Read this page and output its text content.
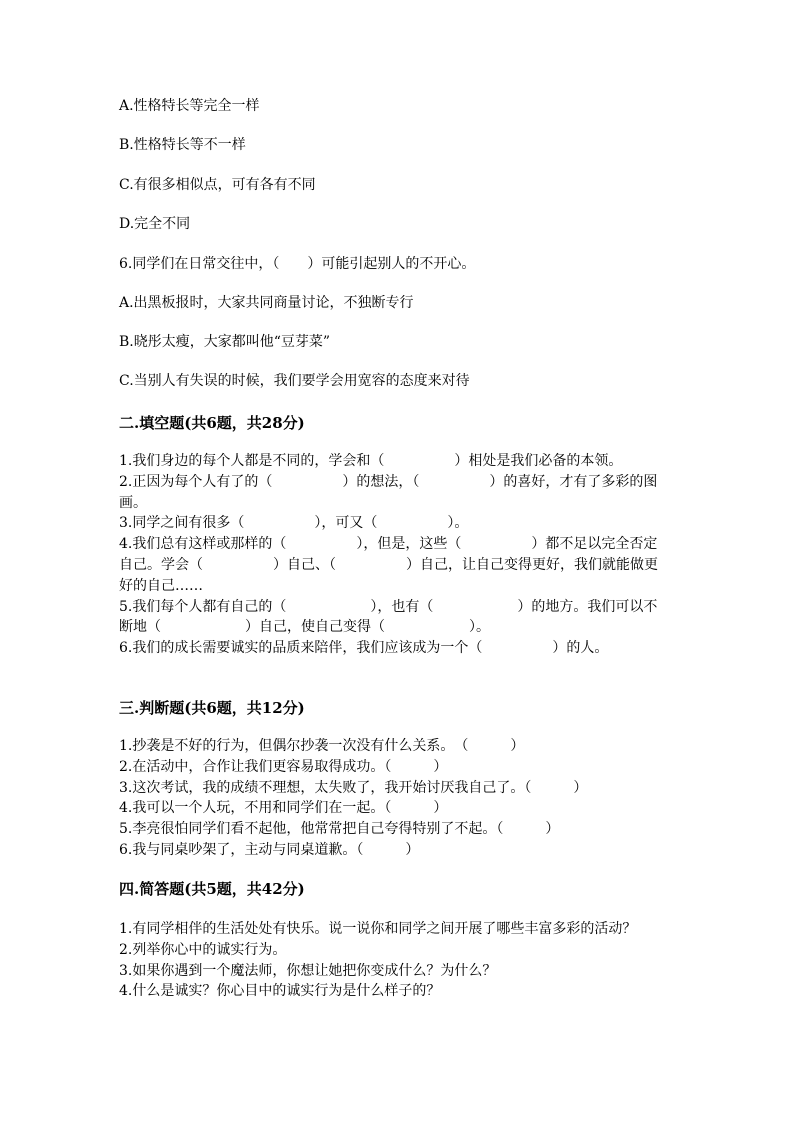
A.性格特长等完全一样
B.性格特长等不一样
C.有很多相似点，可有各有不同
D.完全不同
6.同学们在日常交往中，（　　）可能引起别人的不开心。
A.出黑板报时，大家共同商量讨论，不独断专行
B.晓彤太瘦，大家都叫他“豆芽菜”
C.当别人有失误的时候，我们要学会用宽容的态度来对待
二.填空题(共6题，共28分)

1.我们身边的每个人都是不同的，学会和（　　　　　）相处是我们必备的本领。

2.正因为每个人有了的（　　　　　）的想法，（　　　　　）的喜好，才有了多彩的图画。

3.同学之间有很多（　　　　　），可又（　　　　　）。

4.我们总有这样或那样的（　　　　　），但是，这些（　　　　　）都不足以完全否定自己。学会（　　　　　）自己、（　　　　　）自己，让自己变得更好，我们就能做更好的自己……

5.我们每个人都有自己的（　　　　　　），也有（　　　　　　）的地方。我们可以不断地（　　　　　　）自己，使自己变得（　　　　　　）。

6.我们的成长需要诚实的品质来陪伴，我们应该成为一个（　　　　　）的人。

三.判断题(共6题，共12分)

1.抄袭是不好的行为，但偶尔抄袭一次没有什么关系。　（　　　）

2.在活动中，合作让我们更容易取得成功。（　　　）

3.这次考试，我的成绩不理想，太失败了，我开始讨厌我自己了。（　　　）

4.我可以一个人玩，不用和同学们在一起。（　　　）

5.李亮很怕同学们看不起他，他常常把自己夸得特别了不起。（　　　）

6.我与同桌吵架了，主动与同桌道歉。（　　　）

四.简答题(共5题，共42分)

1.有同学相伴的生活处处有快乐。说一说你和同学之间开展了哪些丰富多彩的活动？

2.列举你心中的诚实行为。

3.如果你遇到一个魔法师，你想让她把你变成什么？为什么？

4.什么是诚实？你心目中的诚实行为是什么样子的？
